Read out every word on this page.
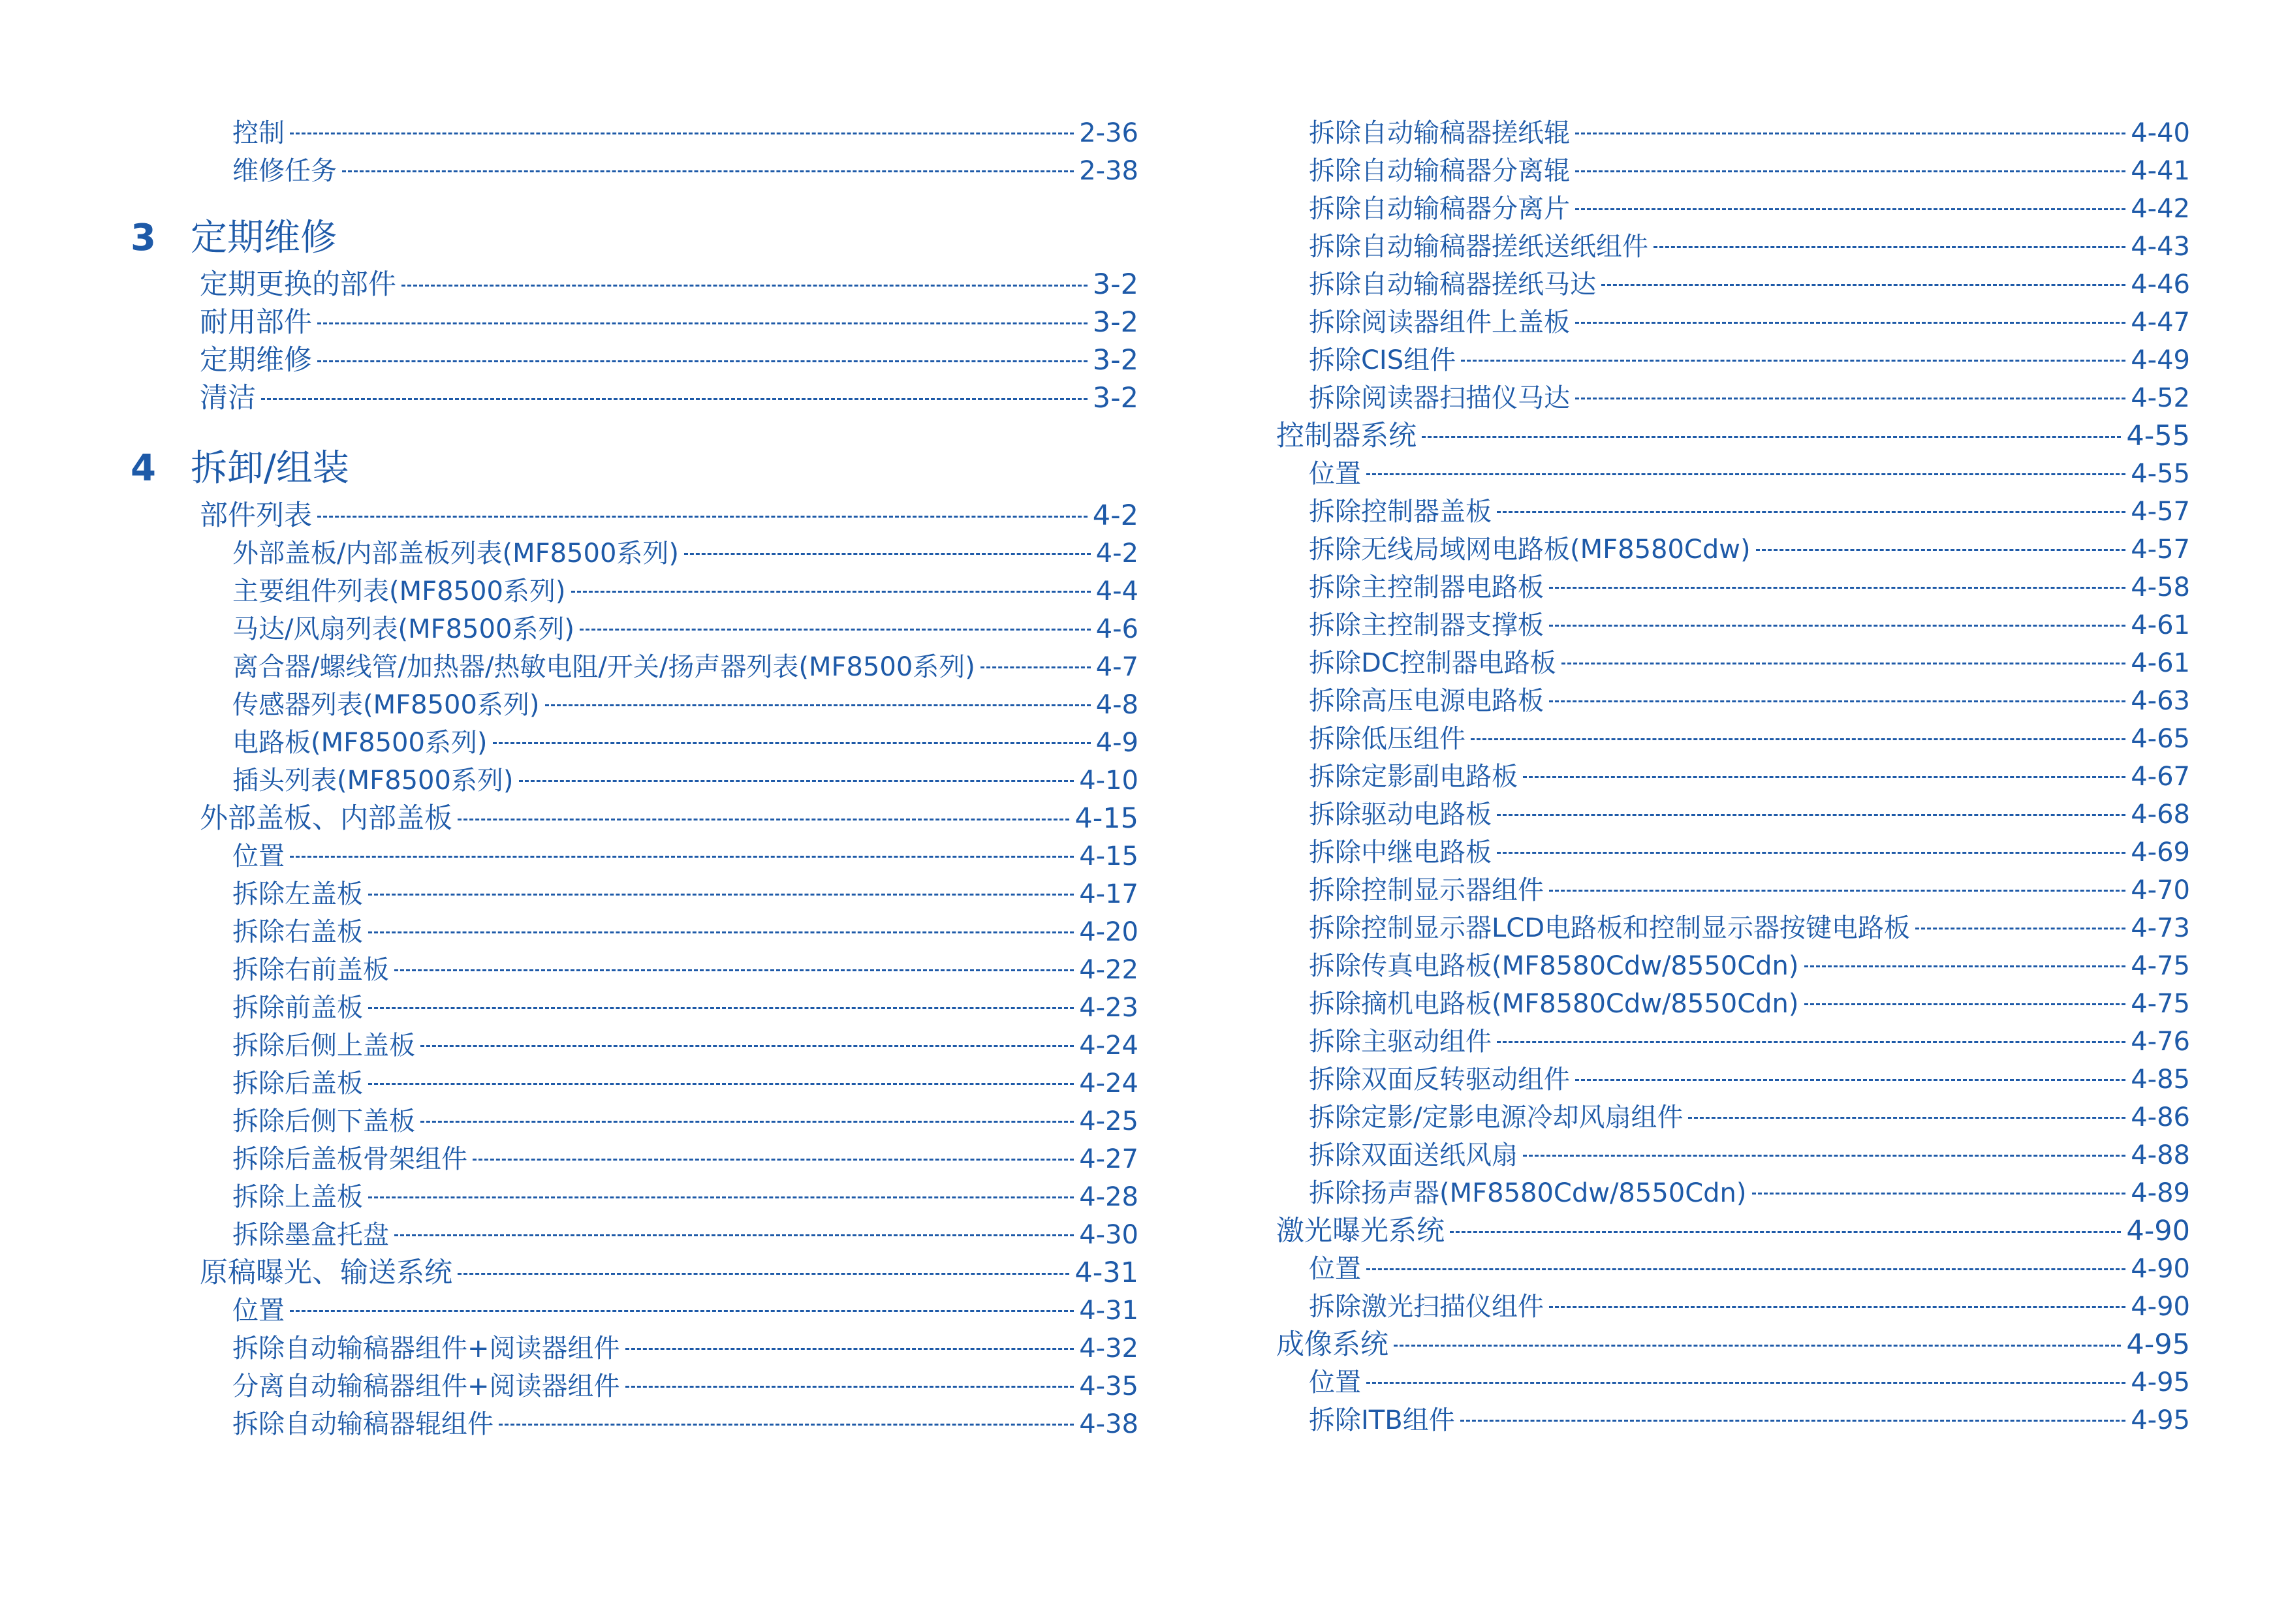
控制	2-36
维修任务	2-38
3 定期维修
定期更换的部件	3-2
耐用部件	3-2
定期维修	3-2
清洁	3-2
4 拆卸/组装
部件列表	4-2
外部盖板/内部盖板列表(MF8500系列)	4-2
主要组件列表(MF8500系列)	4-4
马达/风扇列表(MF8500系列)	4-6
离合器/螺线管/加热器/热敏电阻/开关/扬声器列表(MF8500系列)	4-7
传感器列表(MF8500系列)	4-8
电路板(MF8500系列)	4-9
插头列表(MF8500系列)	4-10
外部盖板、内部盖板	4-15
位置	4-15
拆除左盖板	4-17
拆除右盖板	4-20
拆除右前盖板	4-22
拆除前盖板	4-23
拆除后侧上盖板	4-24
拆除后盖板	4-24
拆除后侧下盖板	4-25
拆除后盖板骨架组件	4-27
拆除上盖板	4-28
拆除墨盒托盘	4-30
原稿曝光、输送系统	4-31
位置	4-31
拆除自动输稿器组件+阅读器组件	4-32
分离自动输稿器组件+阅读器组件	4-35
拆除自动输稿器辊组件	4-38
拆除自动输稿器搓纸辊	4-40
拆除自动输稿器分离辊	4-41
拆除自动输稿器分离片	4-42
拆除自动输稿器搓纸送纸组件	4-43
拆除自动输稿器搓纸马达	4-46
拆除阅读器组件上盖板	4-47
拆除CIS组件	4-49
拆除阅读器扫描仪马达	4-52
控制器系统	4-55
位置	4-55
拆除控制器盖板	4-57
拆除无线局域网电路板(MF8580Cdw)	4-57
拆除主控制器电路板	4-58
拆除主控制器支撑板	4-61
拆除DC控制器电路板	4-61
拆除高压电源电路板	4-63
拆除低压组件	4-65
拆除定影副电路板	4-67
拆除驱动电路板	4-68
拆除中继电路板	4-69
拆除控制显示器组件	4-70
拆除控制显示器LCD电路板和控制显示器按键电路板	4-73
拆除传真电路板(MF8580Cdw/8550Cdn)	4-75
拆除摘机电路板(MF8580Cdw/8550Cdn)	4-75
拆除主驱动组件	4-76
拆除双面反转驱动组件	4-85
拆除定影/定影电源冷却风扇组件	4-86
拆除双面送纸风扇	4-88
拆除扬声器(MF8580Cdw/8550Cdn)	4-89
激光曝光系统	4-90
位置	4-90
拆除激光扫描仪组件	4-90
成像系统	4-95
位置	4-95
拆除ITB组件	4-95
